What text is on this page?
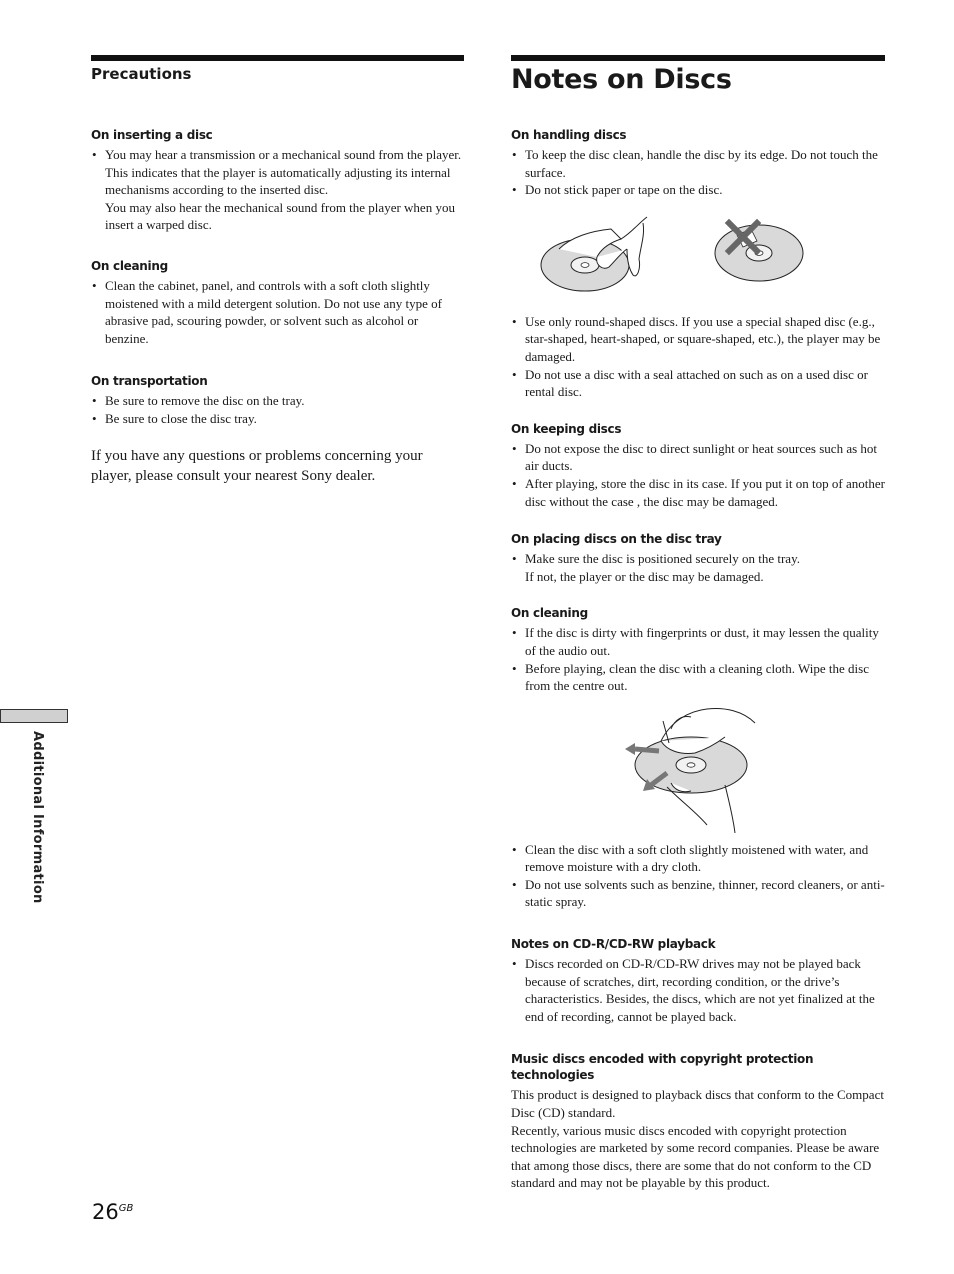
Precautions
On inserting a disc
• You may hear a transmission or a mechanical sound from the player. This indicates that the player is automatically adjusting its internal mechanisms according to the inserted disc.
You may also hear the mechanical sound from the player when you insert a warped disc.
On cleaning
• Clean the cabinet, panel, and controls with a soft cloth slightly moistened with a mild detergent solution. Do not use any type of abrasive pad, scouring powder, or solvent such as alcohol or benzine.
On transportation
• Be sure to remove the disc on the tray.
• Be sure to close the disc tray.
If you have any questions or problems concerning your player, please consult your nearest Sony dealer.
Notes on Discs
On handling discs
• To keep the disc clean, handle the disc by its edge. Do not touch the surface.
• Do not stick paper or tape on the disc.
• Use only round-shaped discs. If you use a special shaped disc (e.g., star-shaped, heart-shaped, or square-shaped, etc.), the player may be damaged.
• Do not use a disc with a seal attached on such as on a used disc or rental disc.
On keeping discs
• Do not expose the disc to direct sunlight or heat sources such as hot air ducts.
• After playing, store the disc in its case. If you put it on top of another disc without the case , the disc may be damaged.
On placing discs on the disc tray
• Make sure the disc is positioned securely on the tray.
If not, the player or the disc may be damaged.
On cleaning
• If the disc is dirty with fingerprints or dust, it may lessen the quality of the audio out.
• Before playing, clean the disc with a cleaning cloth. Wipe the disc from the centre out.
• Clean the disc with a soft cloth slightly moistened with water, and remove moisture with a dry cloth.
• Do not use solvents such as benzine, thinner, record cleaners, or anti-static spray.
Notes on CD-R/CD-RW playback
• Discs recorded on CD-R/CD-RW drives may not be played back because of scratches, dirt, recording condition, or the drive’s characteristics. Besides, the discs, which are not yet finalized at the end of recording, cannot be played back.
Music discs encoded with copyright protection technologies
This product is designed to playback discs that conform to the Compact Disc (CD) standard.
Recently, various music discs encoded with copyright protection technologies are marketed by some record companies. Please be aware that among those discs, there are some that do not conform to the CD standard and may not be playable by this product.
Additional Information
$26^{GB}$
